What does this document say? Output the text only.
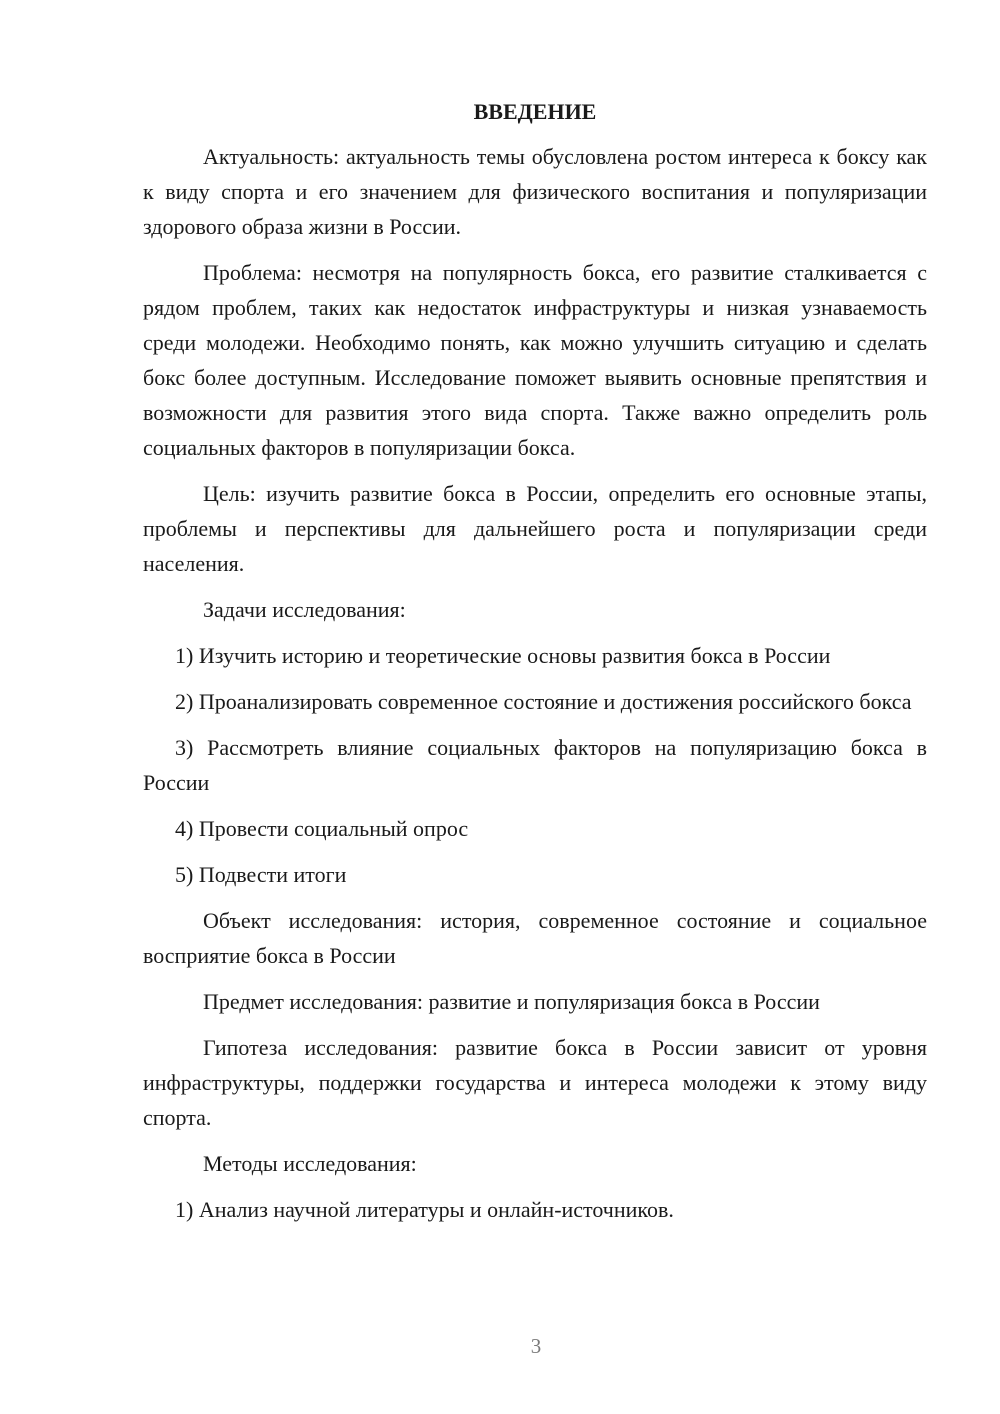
ВВЕДЕНИЕ

Актуальность: актуальность темы обусловлена ростом интереса к боксу как к виду спорта и его значением для физического воспитания и популяризации здорового образа жизни в России.

Проблема: несмотря на популярность бокса, его развитие сталкивается с рядом проблем, таких как недостаток инфраструктуры и низкая узнаваемость среди молодежи. Необходимо понять, как можно улучшить ситуацию и сделать бокс более доступным. Исследование поможет выявить основные препятствия и возможности для развития этого вида спорта. Также важно определить роль социальных факторов в популяризации бокса.

Цель: изучить развитие бокса в России, определить его основные этапы, проблемы и перспективы для дальнейшего роста и популяризации среди населения.

Задачи исследования:

1) Изучить историю и теоретические основы развития бокса в России

2) Проанализировать современное состояние и достижения российского бокса

3) Рассмотреть влияние социальных факторов на популяризацию бокса в России

4) Провести социальный опрос

5) Подвести итоги

Объект исследования: история, современное состояние и социальное восприятие бокса в России

Предмет исследования: развитие и популяризация бокса в России

Гипотеза исследования: развитие бокса в России зависит от уровня инфраструктуры, поддержки государства и интереса молодежи к этому виду спорта.

Методы исследования:

1) Анализ научной литературы и онлайн-источников.

3
